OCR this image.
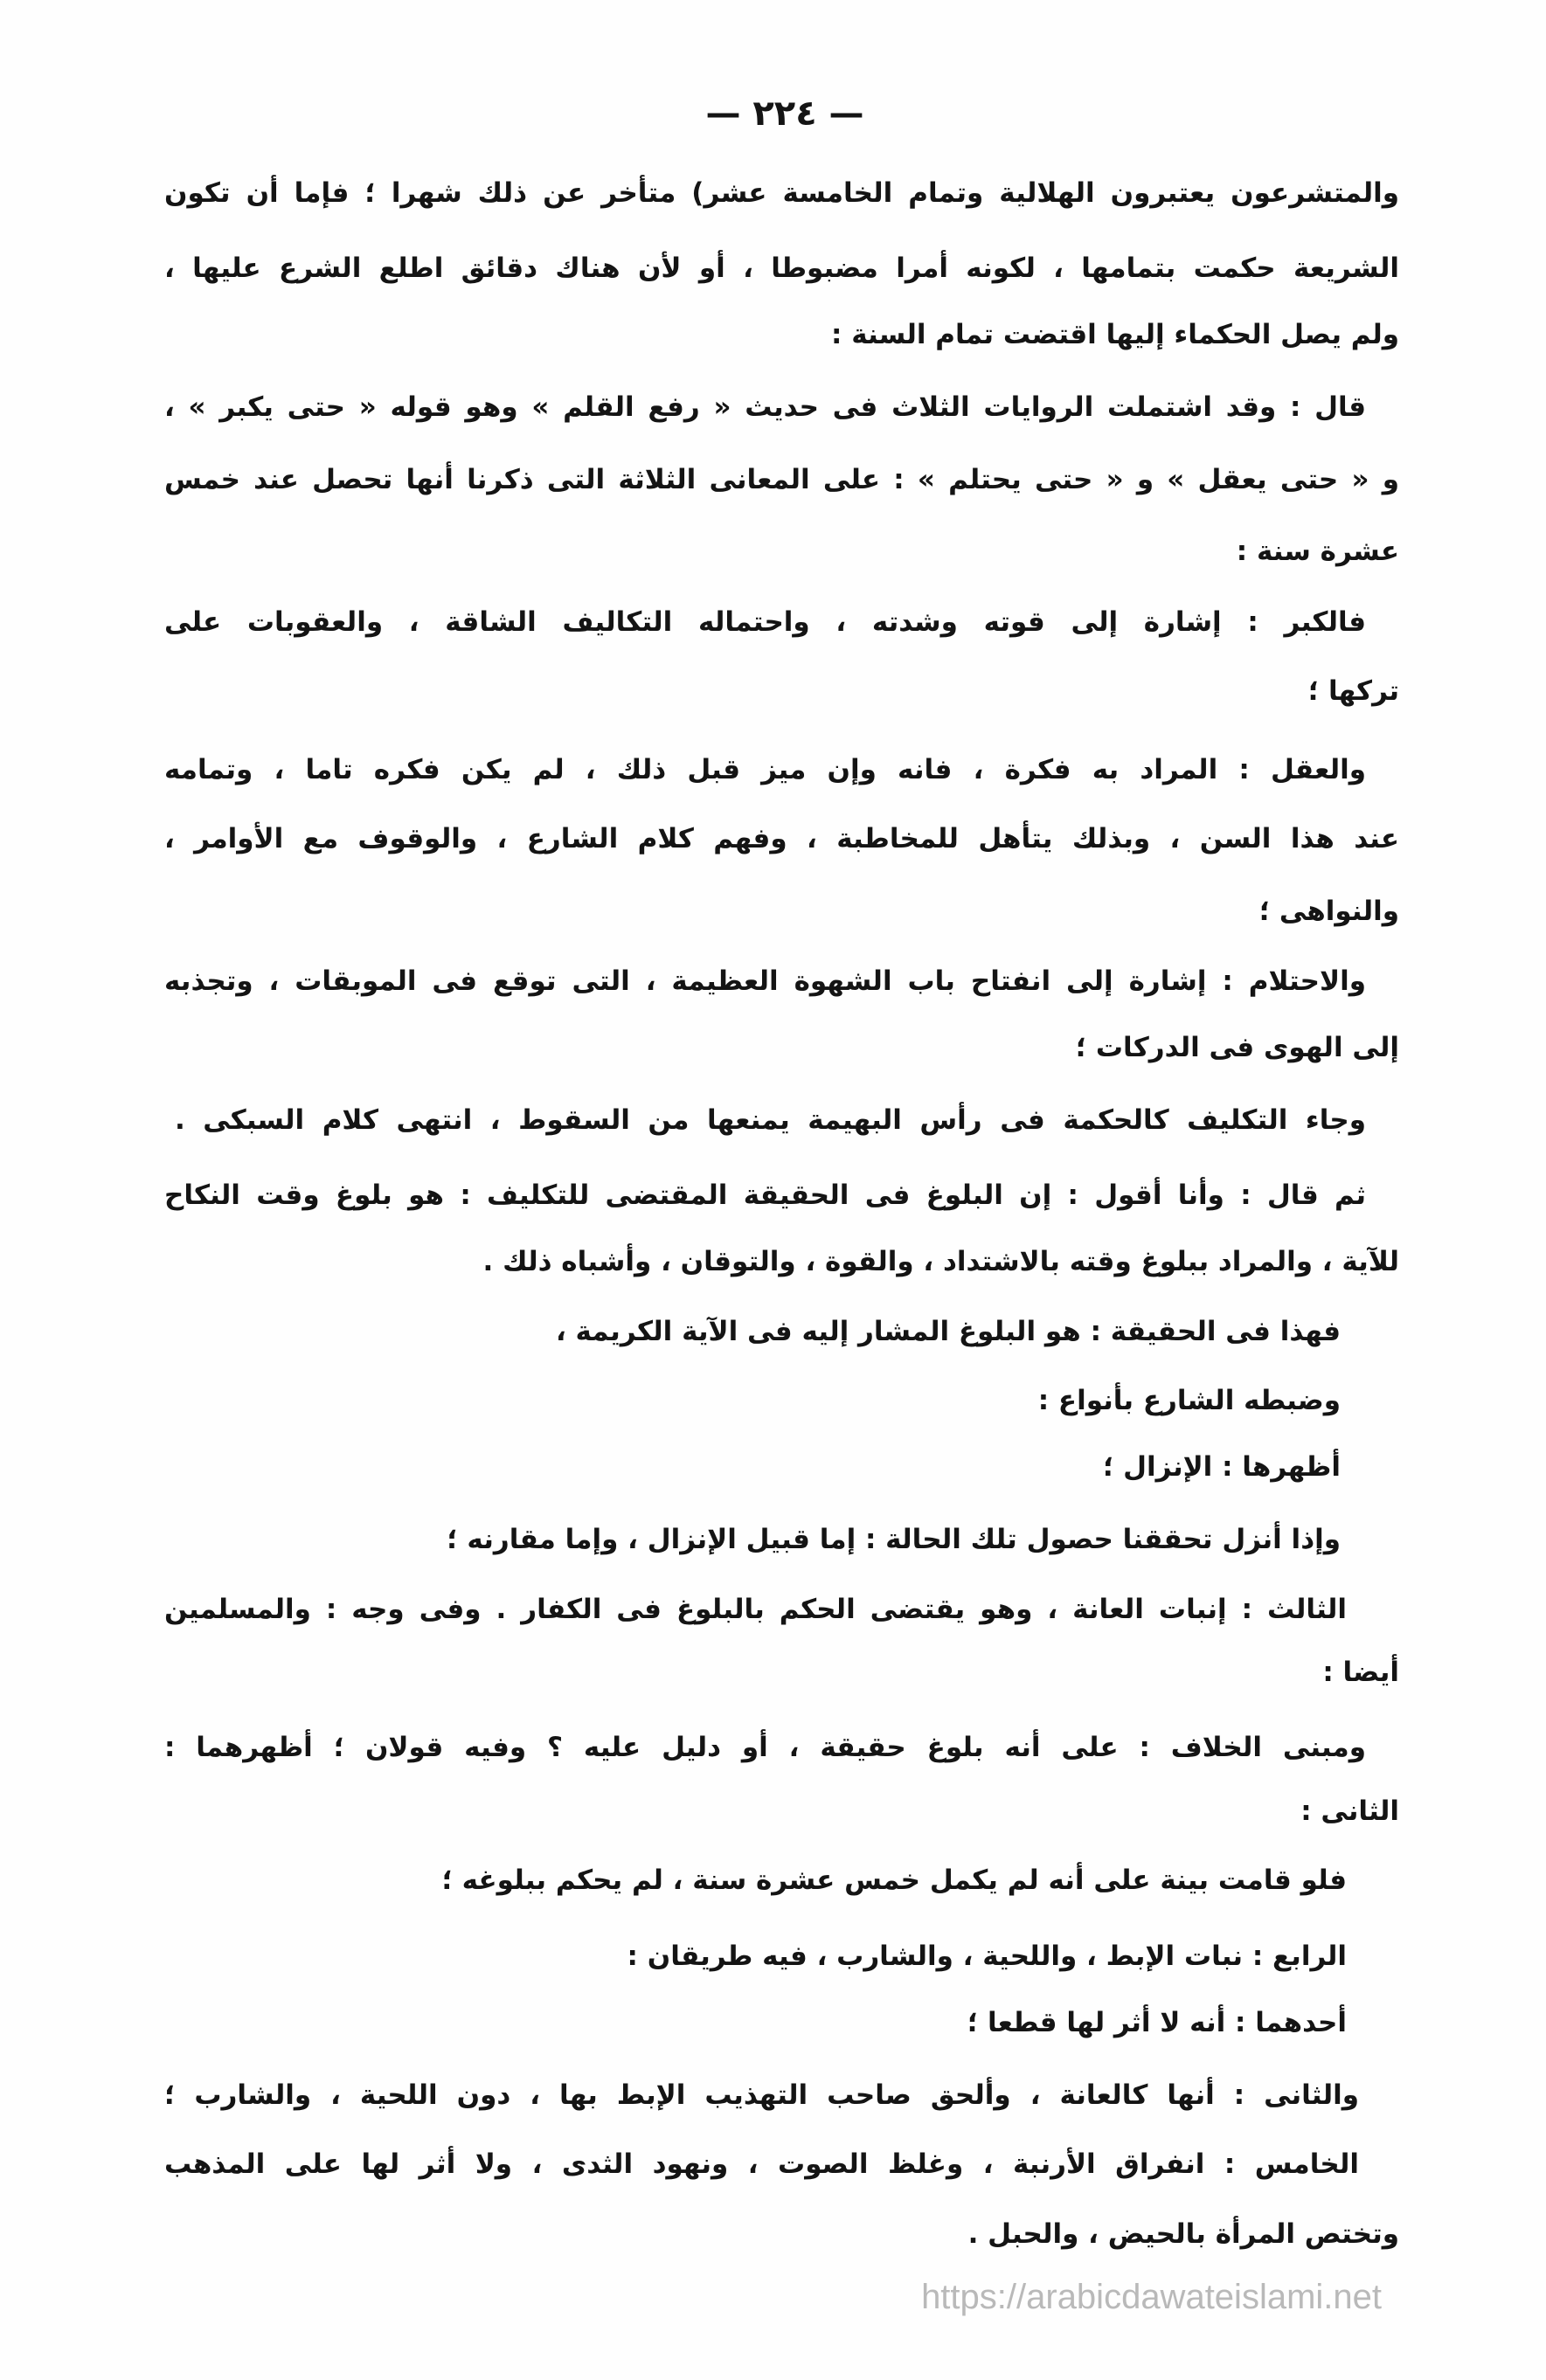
— ٢٢٤ —
والمتشرعون يعتبرون الهلالية وتمام الخامسة عشر) متأخر عن ذلك شهرا ؛ فإما أن تكون
الشريعة حكمت بتمامها ، لكونه أمرا مضبوطا ، أو لأن هناك دقائق اطلع الشرع عليها ،
ولم يصل الحكماء إليها اقتضت تمام السنة :
قال : وقد اشتملت الروايات الثلاث فى حديث « رفع القلم » وهو قوله « حتى يكبر » ،
و « حتى يعقل » و « حتى يحتلم » : على المعانى الثلاثة التى ذكرنا أنها تحصل عند خمس
عشرة سنة :
فالكبر : إشارة إلى قوته وشدته ، واحتماله التكاليف الشاقة ، والعقوبات على
تركها ؛
والعقل : المراد به فكرة ، فانه وإن ميز قبل ذلك ، لم يكن فكره تاما ، وتمامه
عند هذا السن ، وبذلك يتأهل للمخاطبة ، وفهم كلام الشارع ، والوقوف مع الأوامر ،
والنواهى ؛
والاحتلام : إشارة إلى انفتاح باب الشهوة العظيمة ، التى توقع فى الموبقات ، وتجذبه
إلى الهوى فى الدركات ؛
وجاء التكليف كالحكمة فى رأس البهيمة يمنعها من السقوط ، انتهى كلام السبكى .
ثم قال : وأنا أقول : إن البلوغ فى الحقيقة المقتضى للتكليف : هو بلوغ وقت النكاح
للآية ، والمراد ببلوغ وقته بالاشتداد ، والقوة ، والتوقان ، وأشباه ذلك .
فهذا فى الحقيقة : هو البلوغ المشار إليه فى الآية الكريمة ،
وضبطه الشارع بأنواع :
أظهرها : الإنزال ؛
وإذا أنزل تحققنا حصول تلك الحالة : إما قبيل الإنزال ، وإما مقارنه ؛
الثالث : إنبات العانة ، وهو يقتضى الحكم بالبلوغ فى الكفار . وفى وجه : والمسلمين
أيضا :
ومبنى الخلاف : على أنه بلوغ حقيقة ، أو دليل عليه ؟ وفيه قولان ؛ أظهرهما :
الثانى :
فلو قامت بينة على أنه لم يكمل خمس عشرة سنة ، لم يحكم ببلوغه ؛
الرابع : نبات الإبط ، واللحية ، والشارب ، فيه طريقان :
أحدهما : أنه لا أثر لها قطعا ؛
والثانى : أنها كالعانة ، وألحق صاحب التهذيب الإبط بها ، دون اللحية ، والشارب ؛
الخامس : انفراق الأرنبة ، وغلظ الصوت ، ونهود الثدى ، ولا أثر لها على المذهب
وتختص المرأة بالحيض ، والحبل .
https://arabicdawateislami.net
